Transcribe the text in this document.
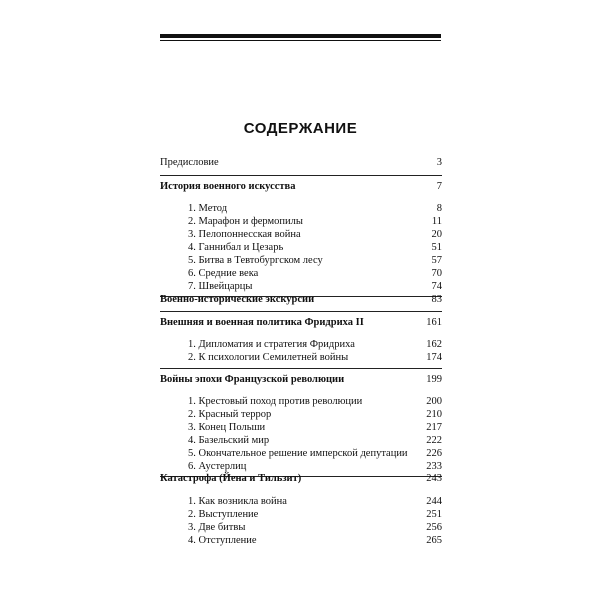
СОДЕРЖАНИЕ
Предисловие	3
История военного искусства	7
1. Метод	8
2. Марафон и фермопилы	11
3. Пелопоннесская война	20
4. Ганнибал и Цезарь	51
5. Битва в Тевтобургском лесу	57
6. Средние века	70
7. Швейцарцы	74
Военно-исторические экскурсии	83
Внешняя и военная политика Фридриха II	161
1. Дипломатия и стратегия Фридриха	162
2. К психологии Семилетней войны	174
Войны эпохи Французской революции	199
1. Крестовый поход против революции	200
2. Красный террор	210
3. Конец Польши	217
4. Базельский мир	222
5. Окончательное решение имперской депутации 226
6. Аустерлиц	233
Катастрофа (Йена и Тильзит)	243
1. Как возникла война	244
2. Выступление	251
3. Две битвы	256
4. Отступление	265
